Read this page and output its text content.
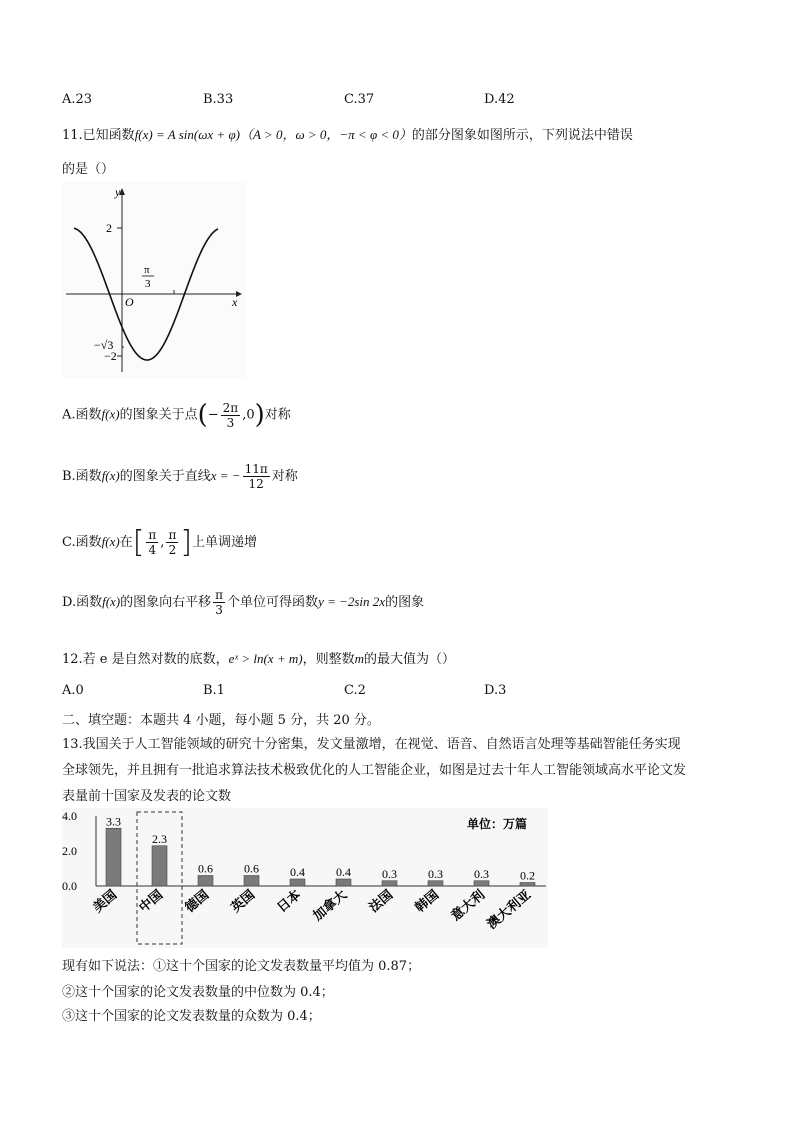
A.23	B.33	C.37	D.42
11.已知函数f(x) = A sin(ωx + φ)（A > 0，ω > 0，−π < φ < 0）的部分图象如图所示，下列说法中错误
的是（）
y
x
O
2
−2
−√3
π
3
A.函数f(x)的图象关于点(− $\frac{2\pi}{3} ,0$)对称
B.函数f(x)的图象关于直线x = − $\frac{11\pi}{12}$ 对称
C.函数f(x)在[ $\frac{\pi}{4}$ , $\frac{\pi}{2}$ ]上单调递增
D.函数f(x)的图象向右平移 $\frac{\pi}{3}$ 个单位可得函数y = −2sin 2x的图象
12.若 e 是自然对数的底数，eˣ > ln(x + m)，则整数m的最大值为（）
A.0	B.1	C.2	D.3
二、填空题：本题共 4 小题，每小题 5 分，共 20 分。
13.我国关于人工智能领域的研究十分密集，发文量激增，在视觉、语音、自然语言处理等基础智能任务实现
全球领先，并且拥有一批追求算法技术极致优化的人工智能企业，如图是过去十年人工智能领域高水平论文发
表量前十国家及发表的论文数
4.0
2.0
0.0
单位：万篇
3.3
美国
2.3
中国
0.6
德国
0.6
英国
0.4
日本
0.4
加拿大
0.3
法国
0.3
韩国
0.3
意大利
0.2
澳大利亚
现有如下说法：①这十个国家的论文发表数量平均值为 0.87；
②这十个国家的论文发表数量的中位数为 0.4；
③这十个国家的论文发表数量的众数为 0.4；
